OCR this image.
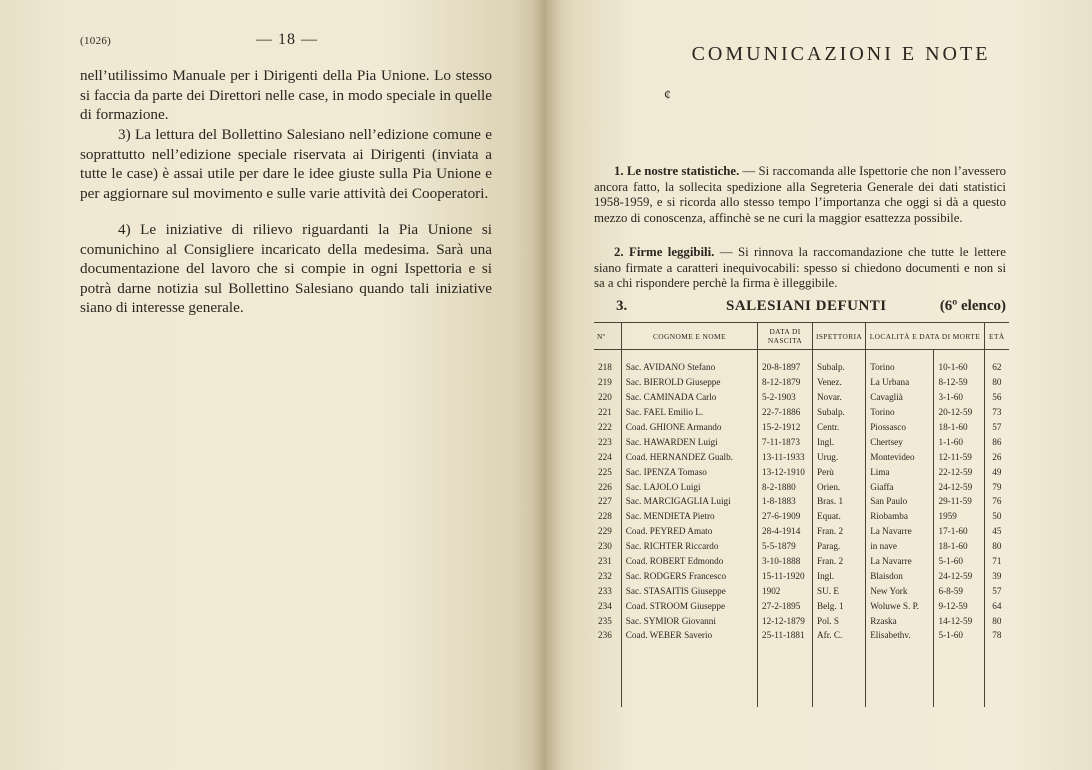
(1026)	— 18 —
nell’utilissimo Manuale per i Dirigenti della Pia Unione. Lo stesso si faccia da parte dei Direttori nelle case, in modo speciale in quelle di formazione.
3) La lettura del Bollettino Salesiano nell’edizione comune e soprattutto nell’edizione speciale riservata ai Dirigenti (inviata a tutte le case) è assai utile per dare le idee giuste sulla Pia Unione e per aggiornare sul movimento e sulle varie attività dei Cooperatori.
4) Le iniziative di rilievo riguardanti la Pia Unione si comunichino al Consigliere incaricato della medesima. Sarà una documentazione del lavoro che si compie in ogni Ispettoria e si potrà darne notizia sul Bollettino Salesiano quando tali iniziative siano di interesse generale.
COMUNICAZIONI E NOTE
¢
1. Le nostre statistiche. — Si raccomanda alle Ispettorie che non l’avessero ancora fatto, la sollecita spedizione alla Segreteria Generale dei dati statistici 1958-1959, e si ricorda allo stesso tempo l’importanza che oggi si dà a questo mezzo di conoscenza, affinchè se ne curi la maggior esattezza possibile.
2. Firme leggibili. — Si rinnova la raccomandazione che tutte le lettere siano firmate a caratteri inequivocabili: spesso si chiedono documenti e non si sa a chi rispondere perchè la firma è illeggibile.
3.	SALESIANI DEFUNTI	(6º elenco)
Nº	COGNOME E NOME	DATA DI NASCITA	ISPETTORIA	LOCALITÀ E DATA DI MORTE		ETÀ

218	Sac. AVIDANO Stefano	20-8-1897	Subalp.	Torino	10-1-60	62
219	Sac. BIEROLD Giuseppe	8-12-1879	Venez.	La Urbana	8-12-59	80
220	Sac. CAMINADA Carlo	5-2-1903	Novar.	Cavaglià	3-1-60	56
221	Sac. FAEL Emilio L.	22-7-1886	Subalp.	Torino	20-12-59	73
222	Coad. GHIONE Armando	15-2-1912	Centr.	Piossasco	18-1-60	57
223	Sac. HAWARDEN Luigi	7-11-1873	Ingl.	Chertsey	1-1-60	86
224	Coad. HERNANDEZ Gualb.	13-11-1933	Urug.	Montevideo	12-11-59	26
225	Sac. IPENZA Tomaso	13-12-1910	Perù	Lima	22-12-59	49
226	Sac. LAJOLO Luigi	8-2-1880	Orien.	Giaffa	24-12-59	79
227	Sac. MARCIGAGLIA Luigi	1-8-1883	Bras. 1	San Paulo	29-11-59	76
228	Sac. MENDIETA Pietro	27-6-1909	Equat.	Riobamba	1959	50
229	Coad. PEYRED Amato	28-4-1914	Fran. 2	La Navarre	17-1-60	45
230	Sac. RICHTER Riccardo	5-5-1879	Parag.	in nave	18-1-60	80
231	Coad. ROBERT Edmondo	3-10-1888	Fran. 2	La Navarre	5-1-60	71
232	Sac. RODGERS Francesco	15-11-1920	Ingl.	Blaisdon	24-12-59	39
233	Sac. STASAITIS Giuseppe	1902	SU. E	New York	6-8-59	57
234	Coad. STROOM Giuseppe	27-2-1895	Belg. 1	Woluwe S. P.	9-12-59	64
235	Sac. SYMIOR Giovanni	12-12-1879	Pol. S	Rzaska	14-12-59	80
236	Coad. WEBER Saverio	25-11-1881	Afr. C.	Elisabethv.	5-1-60	78
